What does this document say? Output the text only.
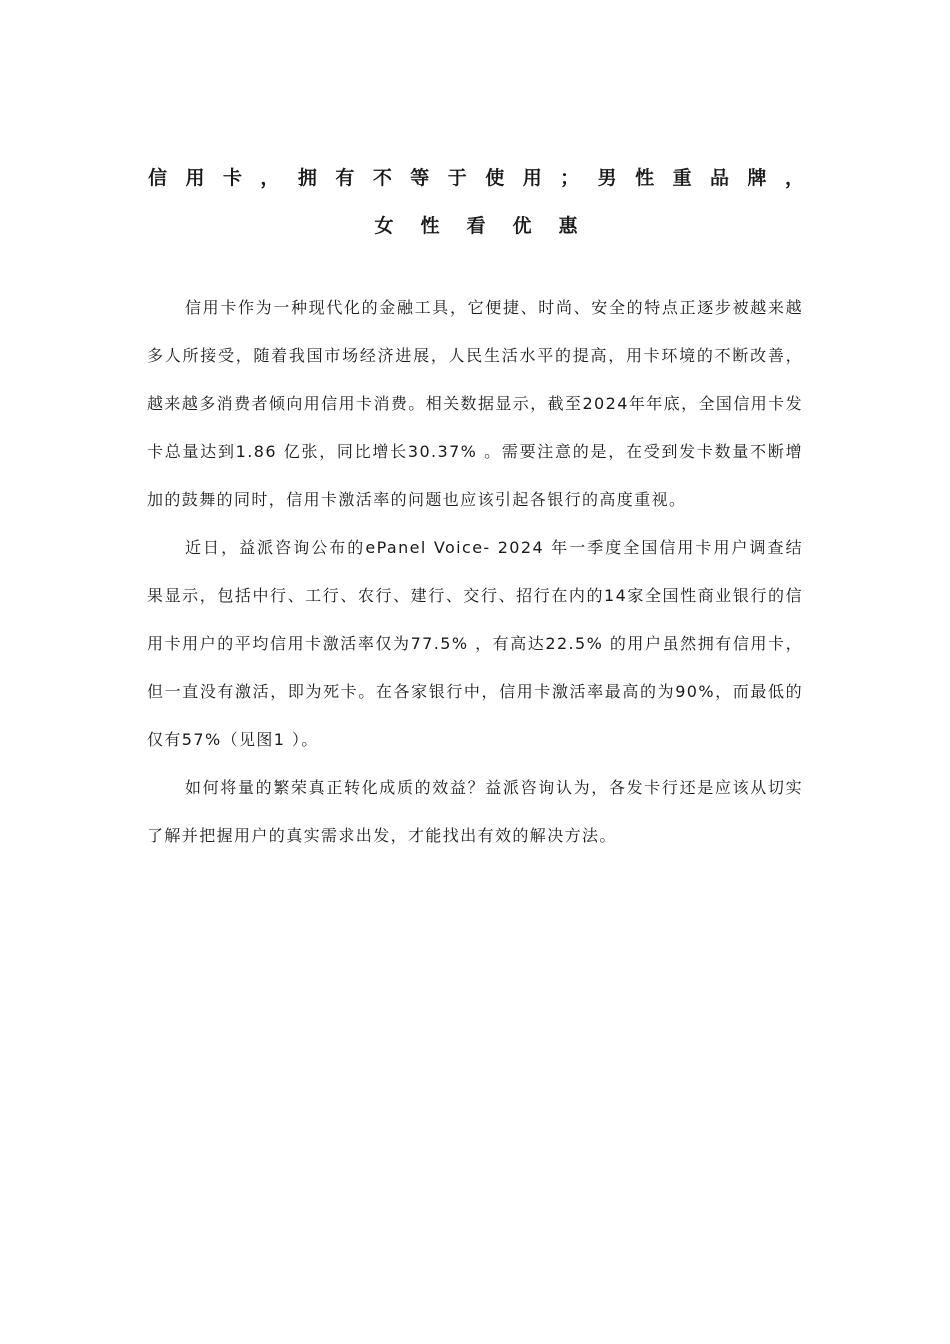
信 用 卡 ， 拥 有 不 等 于 使 用 ； 男 性 重 品 牌 ，
女性看优惠

信用卡作为一种现代化的金融工具，它便捷、时尚、安全的特点正逐步被越来越多人所接受，随着我国市场经济进展，人民生活水平的提高，用卡环境的不断改善，越来越多消费者倾向用信用卡消费。相关数据显示，截至2024年年底，全国信用卡发卡总量达到1.86 亿张，同比增长30.37% 。需要注意的是，在受到发卡数量不断增加的鼓舞的同时，信用卡激活率的问题也应该引起各银行的高度重视。

近日，益派咨询公布的ePanel Voice- 2024 年一季度全国信用卡用户调查结果显示，包括中行、工行、农行、建行、交行、招行在内的14家全国性商业银行的信用卡用户的平均信用卡激活率仅为77.5% ，有高达22.5% 的用户虽然拥有信用卡，但一直没有激活，即为死卡。在各家银行中，信用卡激活率最高的为90%，而最低的仅有57%（见图1 ）。

如何将量的繁荣真正转化成质的效益？益派咨询认为，各发卡行还是应该从切实了解并把握用户的真实需求出发，才能找出有效的解决方法。
